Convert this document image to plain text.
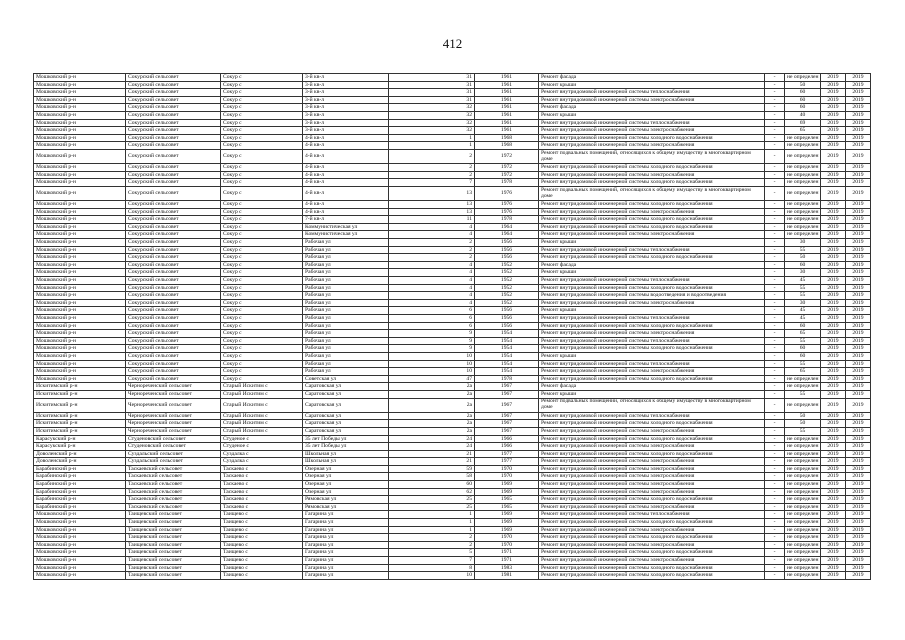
412
Мошковский р-н	Сокурский сельсовет	Сокур с	3-й кв-л	31	1961	Ремонт фасада	-	не определен	2019	2019
Мошковский р-н	Сокурский сельсовет	Сокур с	3-й кв-л	31	1961	Ремонт крыши	-	50	2019	2019
Мошковский р-н	Сокурский сельсовет	Сокур с	3-й кв-л	31	1961	Ремонт внутридомовой инженерной системы теплоснабжения	-	60	2019	2019
Мошковский р-н	Сокурский сельсовет	Сокур с	3-й кв-л	31	1961	Ремонт внутридомовой инженерной системы электроснабжения	-	60	2019	2019
Мошковский р-н	Сокурский сельсовет	Сокур с	3-й кв-л	32	1961	Ремонт фасада	-	60	2019	2019
Мошковский р-н	Сокурский сельсовет	Сокур с	3-й кв-л	32	1961	Ремонт крыши	-	40	2019	2019
Мошковский р-н	Сокурский сельсовет	Сокур с	3-й кв-л	32	1961	Ремонт внутридомовой инженерной системы теплоснабжения	-	69	2019	2019
Мошковский р-н	Сокурский сельсовет	Сокур с	3-й кв-л	32	1961	Ремонт внутридомовой инженерной системы электроснабжения	-	65	2019	2019
Мошковский р-н	Сокурский сельсовет	Сокур с	4-й кв-л	1	1968	Ремонт внутридомовой инженерной системы холодного водоснабжения	-	не определен	2019	2019
Мошковский р-н	Сокурский сельсовет	Сокур с	4-й кв-л	1	1968	Ремонт внутридомовой инженерной системы электроснабжения	-	не определен	2019	2019
Мошковский р-н	Сокурский сельсовет	Сокур с	4-й кв-л	2	1972	Ремонт подвальных помещений, относящихся к общему имуществу в многоквартирном доме	-	не определен	2019	2019
Мошковский р-н	Сокурский сельсовет	Сокур с	4-й кв-л	2	1972	Ремонт внутридомовой инженерной системы холодного водоснабжения	-	не определен	2019	2019
Мошковский р-н	Сокурский сельсовет	Сокур с	4-й кв-л	2	1972	Ремонт внутридомовой инженерной системы электроснабжения	-	не определен	2019	2019
Мошковский р-н	Сокурский сельсовет	Сокур с	4-й кв-л	7	1978	Ремонт внутридомовой инженерной системы холодного водоснабжения	-	не определен	2019	2019
Мошковский р-н	Сокурский сельсовет	Сокур с	4-й кв-л	13	1976	Ремонт подвальных помещений, относящихся к общему имуществу в многоквартирном доме	-	не определен	2019	2019
Мошковский р-н	Сокурский сельсовет	Сокур с	4-й кв-л	13	1976	Ремонт внутридомовой инженерной системы холодного водоснабжения	-	не определен	2019	2019
Мошковский р-н	Сокурский сельсовет	Сокур с	4-й кв-л	13	1976	Ремонт внутридомовой инженерной системы электроснабжения	-	не определен	2019	2019
Мошковский р-н	Сокурский сельсовет	Сокур с	7-й кв-л	11	1978	Ремонт внутридомовой инженерной системы холодного водоснабжения	-	не определен	2019	2019
Мошковский р-н	Сокурский сельсовет	Сокур с	Коммунистическая ул	4	1964	Ремонт внутридомовой инженерной системы холодного водоснабжения	-	не определен	2019	2019
Мошковский р-н	Сокурский сельсовет	Сокур с	Коммунистическая ул	4	1964	Ремонт внутридомовой инженерной системы электроснабжения	-	не определен	2019	2019
Мошковский р-н	Сокурский сельсовет	Сокур с	Рабочая ул	2	1956	Ремонт крыши	-	30	2019	2019
Мошковский р-н	Сокурский сельсовет	Сокур с	Рабочая ул	2	1956	Ремонт внутридомовой инженерной системы теплоснабжения	-	55	2019	2019
Мошковский р-н	Сокурский сельсовет	Сокур с	Рабочая ул	2	1956	Ремонт внутридомовой инженерной системы холодного водоснабжения	-	50	2019	2019
Мошковский р-н	Сокурский сельсовет	Сокур с	Рабочая ул	4	1952	Ремонт фасада	-	60	2019	2019
Мошковский р-н	Сокурский сельсовет	Сокур с	Рабочая ул	4	1952	Ремонт крыши	-	30	2019	2019
Мошковский р-н	Сокурский сельсовет	Сокур с	Рабочая ул	4	1952	Ремонт внутридомовой инженерной системы теплоснабжения	-	45	2019	2019
Мошковский р-н	Сокурский сельсовет	Сокур с	Рабочая ул	4	1952	Ремонт внутридомовой инженерной системы холодного водоснабжения	-	55	2019	2019
Мошковский р-н	Сокурский сельсовет	Сокур с	Рабочая ул	4	1952	Ремонт внутридомовой инженерной системы водоотведения и водоотведения	-	55	2019	2019
Мошковский р-н	Сокурский сельсовет	Сокур с	Рабочая ул	4	1952	Ремонт внутридомовой инженерной системы электроснабжения	-	30	2019	2019
Мошковский р-н	Сокурский сельсовет	Сокур с	Рабочая ул	6	1956	Ремонт крыши	-	45	2019	2019
Мошковский р-н	Сокурский сельсовет	Сокур с	Рабочая ул	6	1956	Ремонт внутридомовой инженерной системы теплоснабжения	-	45	2019	2019
Мошковский р-н	Сокурский сельсовет	Сокур с	Рабочая ул	6	1956	Ремонт внутридомовой инженерной системы холодного водоснабжения	-	60	2019	2019
Мошковский р-н	Сокурский сельсовет	Сокур с	Рабочая ул	9	1954	Ремонт внутридомовой инженерной системы электроснабжения	-	65	2019	2019
Мошковский р-н	Сокурский сельсовет	Сокур с	Рабочая ул	9	1954	Ремонт внутридомовой инженерной системы теплоснабжения	-	55	2019	2019
Мошковский р-н	Сокурский сельсовет	Сокур с	Рабочая ул	9	1954	Ремонт внутридомовой инженерной системы холодного водоснабжения	-	60	2019	2019
Мошковский р-н	Сокурский сельсовет	Сокур с	Рабочая ул	10	1954	Ремонт крыши	-	60	2019	2019
Мошковский р-н	Сокурский сельсовет	Сокур с	Рабочая ул	10	1954	Ремонт внутридомовой инженерной системы теплоснабжения	-	55	2019	2019
Мошковский р-н	Сокурский сельсовет	Сокур с	Рабочая ул	10	1954	Ремонт внутридомовой инженерной системы электроснабжения	-	65	2019	2019
Мошковский р-н	Сокурский сельсовет	Сокур с	Советская ул	47	1978	Ремонт внутридомовой инженерной системы холодного водоснабжения	-	не определен	2019	2019
Искитимский р-н	Чернореченский сельсовет	Старый Искитим с	Саратовская ул	2а	1967	Ремонт фасада	-	не определен	2019	2019
Искитимский р-н	Чернореченский сельсовет	Старый Искитим с	Саратовская ул	2а	1967	Ремонт крыши	-	55	2019	2019
Искитимский р-н	Чернореченский сельсовет	Старый Искитим с	Саратовская ул	2а	1967	Ремонт подвальных помещений, относящихся к общему имуществу в многоквартирном доме	-	не определен	2019	2019
Искитимский р-н	Чернореченский сельсовет	Старый Искитим с	Саратовская ул	2а	1967	Ремонт внутридомовой инженерной системы теплоснабжения	-	50	2019	2019
Искитимский р-н	Чернореченский сельсовет	Старый Искитим с	Саратовская ул	2а	1967	Ремонт внутридомовой инженерной системы холодного водоснабжения	-	50	2019	2019
Искитимский р-н	Чернореченский сельсовет	Старый Искитим с	Саратовская ул	2а	1967	Ремонт внутридомовой инженерной системы электроснабжения	-	55	2019	2019
Карасукский р-н	Студеновский сельсовет	Студеное с	35 лет Победы ул	24	1966	Ремонт внутридомовой инженерной системы холодного водоснабжения	-	не определен	2019	2019
Карасукский р-н	Студеновский сельсовет	Студеное с	35 лет Победы ул	24	1966	Ремонт внутридомовой инженерной системы электроснабжения	-	не определен	2019	2019
Доволенский р-н	Суздальский сельсовет	Суздалка с	Школьная ул	21	1977	Ремонт внутридомовой инженерной системы холодного водоснабжения	-	не определен	2019	2019
Доволенский р-н	Суздальский сельсовет	Суздалка с	Школьная ул	21	1977	Ремонт внутридомовой инженерной системы электроснабжения	-	не определен	2019	2019
Барабинский р-н	Таскаевский сельсовет	Таскаево с	Озерная ул	59	1970	Ремонт внутридомовой инженерной системы электроснабжения	-	не определен	2019	2019
Барабинский р-н	Таскаевский сельсовет	Таскаево с	Озерная ул	58	1970	Ремонт внутридомовой инженерной системы электроснабжения	-	не определен	2019	2019
Барабинский р-н	Таскаевский сельсовет	Таскаево с	Озерная ул	60	1969	Ремонт внутридомовой инженерной системы электроснабжения	-	не определен	2019	2019
Барабинский р-н	Таскаевский сельсовет	Таскаево с	Озерная ул	62	1969	Ремонт внутридомовой инженерной системы электроснабжения	-	не определен	2019	2019
Барабинский р-н	Таскаевский сельсовет	Таскаево с	Рямовская ул	25	1965	Ремонт внутридомовой инженерной системы холодного водоснабжения	-	не определен	2019	2019
Барабинский р-н	Таскаевский сельсовет	Таскаево с	Рямовская ул	25	1965	Ремонт внутридомовой инженерной системы электроснабжения	-	не определен	2019	2019
Мошковский р-н	Таищевский сельсовет	Таищево с	Гагарина ул	1	1969	Ремонт внутридомовой инженерной системы теплоснабжения	-	не определен	2019	2019
Мошковский р-н	Таищевский сельсовет	Таищево с	Гагарина ул	1	1969	Ремонт внутридомовой инженерной системы холодного водоснабжения	-	не определен	2019	2019
Мошковский р-н	Таищевский сельсовет	Таищево с	Гагарина ул	1	1969	Ремонт внутридомовой инженерной системы электроснабжения	-	не определен	2019	2019
Мошковский р-н	Таищевский сельсовет	Таищево с	Гагарина ул	2	1970	Ремонт внутридомовой инженерной системы холодного водоснабжения	-	не определен	2019	2019
Мошковский р-н	Таищевский сельсовет	Таищево с	Гагарина ул	2	1970	Ремонт внутридомовой инженерной системы электроснабжения	-	не определен	2019	2019
Мошковский р-н	Таищевский сельсовет	Таищево с	Гагарина ул	5	1971	Ремонт внутридомовой инженерной системы холодного водоснабжения	-	не определен	2019	2019
Мошковский р-н	Таищевский сельсовет	Таищево с	Гагарина ул	7	1971	Ремонт внутридомовой инженерной системы электроснабжения	-	не определен	2019	2019
Мошковский р-н	Таищевский сельсовет	Таищево с	Гагарина ул	8	1983	Ремонт внутридомовой инженерной системы холодного водоснабжения	-	не определен	2019	2019
Мошковский р-н	Таищевский сельсовет	Таищево с	Гагарина ул	10	1981	Ремонт внутридомовой инженерной системы холодного водоснабжения	-	не определен	2019	2019
